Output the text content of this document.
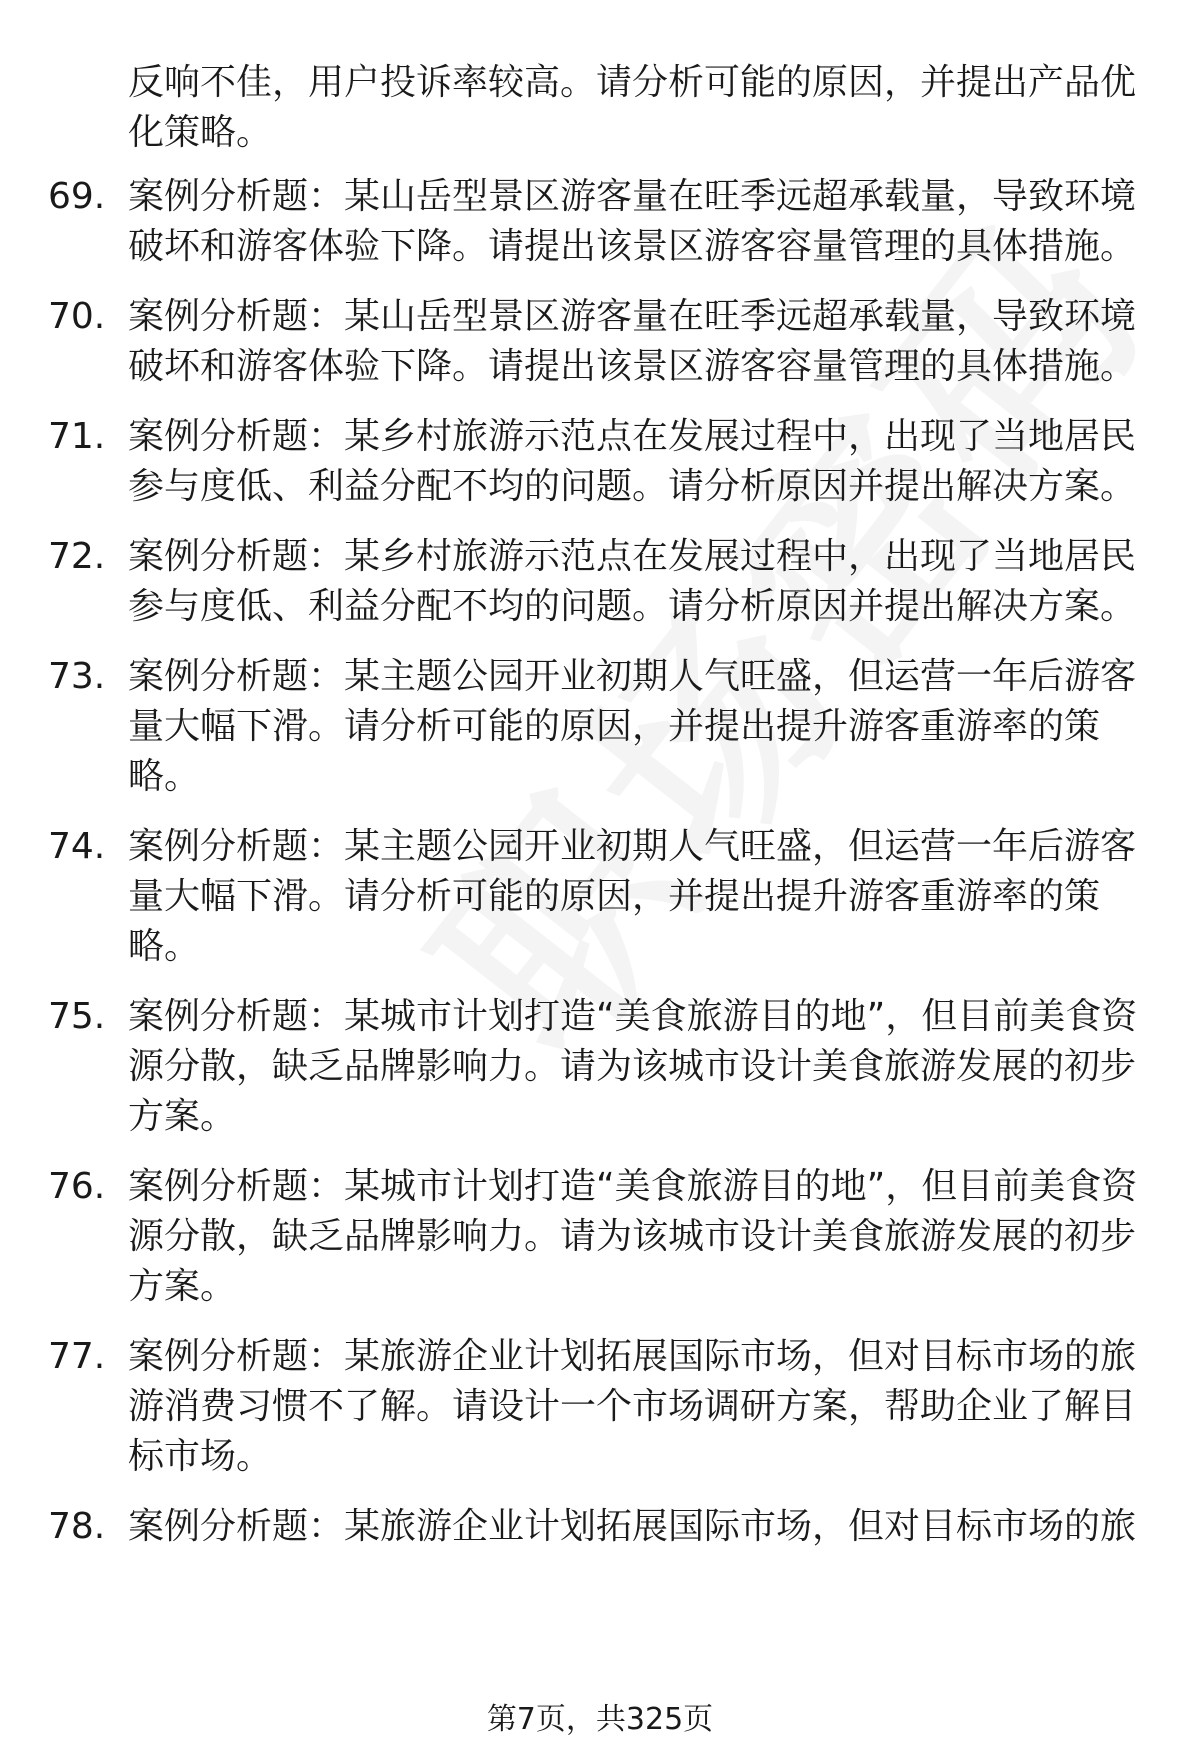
反响不佳，用户投诉率较高。请分析可能的原因，并提出产品优化策略。
69. 案例分析题：某山岳型景区游客量在旺季远超承载量，导致环境破坏和游客体验下降。请提出该景区游客容量管理的具体措施。
70. 案例分析题：某山岳型景区游客量在旺季远超承载量，导致环境破坏和游客体验下降。请提出该景区游客容量管理的具体措施。
71. 案例分析题：某乡村旅游示范点在发展过程中，出现了当地居民参与度低、利益分配不均的问题。请分析原因并提出解决方案。
72. 案例分析题：某乡村旅游示范点在发展过程中，出现了当地居民参与度低、利益分配不均的问题。请分析原因并提出解决方案。
73. 案例分析题：某主题公园开业初期人气旺盛，但运营一年后游客量大幅下滑。请分析可能的原因，并提出提升游客重游率的策略。
74. 案例分析题：某主题公园开业初期人气旺盛，但运营一年后游客量大幅下滑。请分析可能的原因，并提出提升游客重游率的策略。
75. 案例分析题：某城市计划打造“美食旅游目的地”，但目前美食资源分散，缺乏品牌影响力。请为该城市设计美食旅游发展的初步方案。
76. 案例分析题：某城市计划打造“美食旅游目的地”，但目前美食资源分散，缺乏品牌影响力。请为该城市设计美食旅游发展的初步方案。
77. 案例分析题：某旅游企业计划拓展国际市场，但对目标市场的旅游消费习惯不了解。请设计一个市场调研方案，帮助企业了解目标市场。
78. 案例分析题：某旅游企业计划拓展国际市场，但对目标市场的旅
第7页，共325页
